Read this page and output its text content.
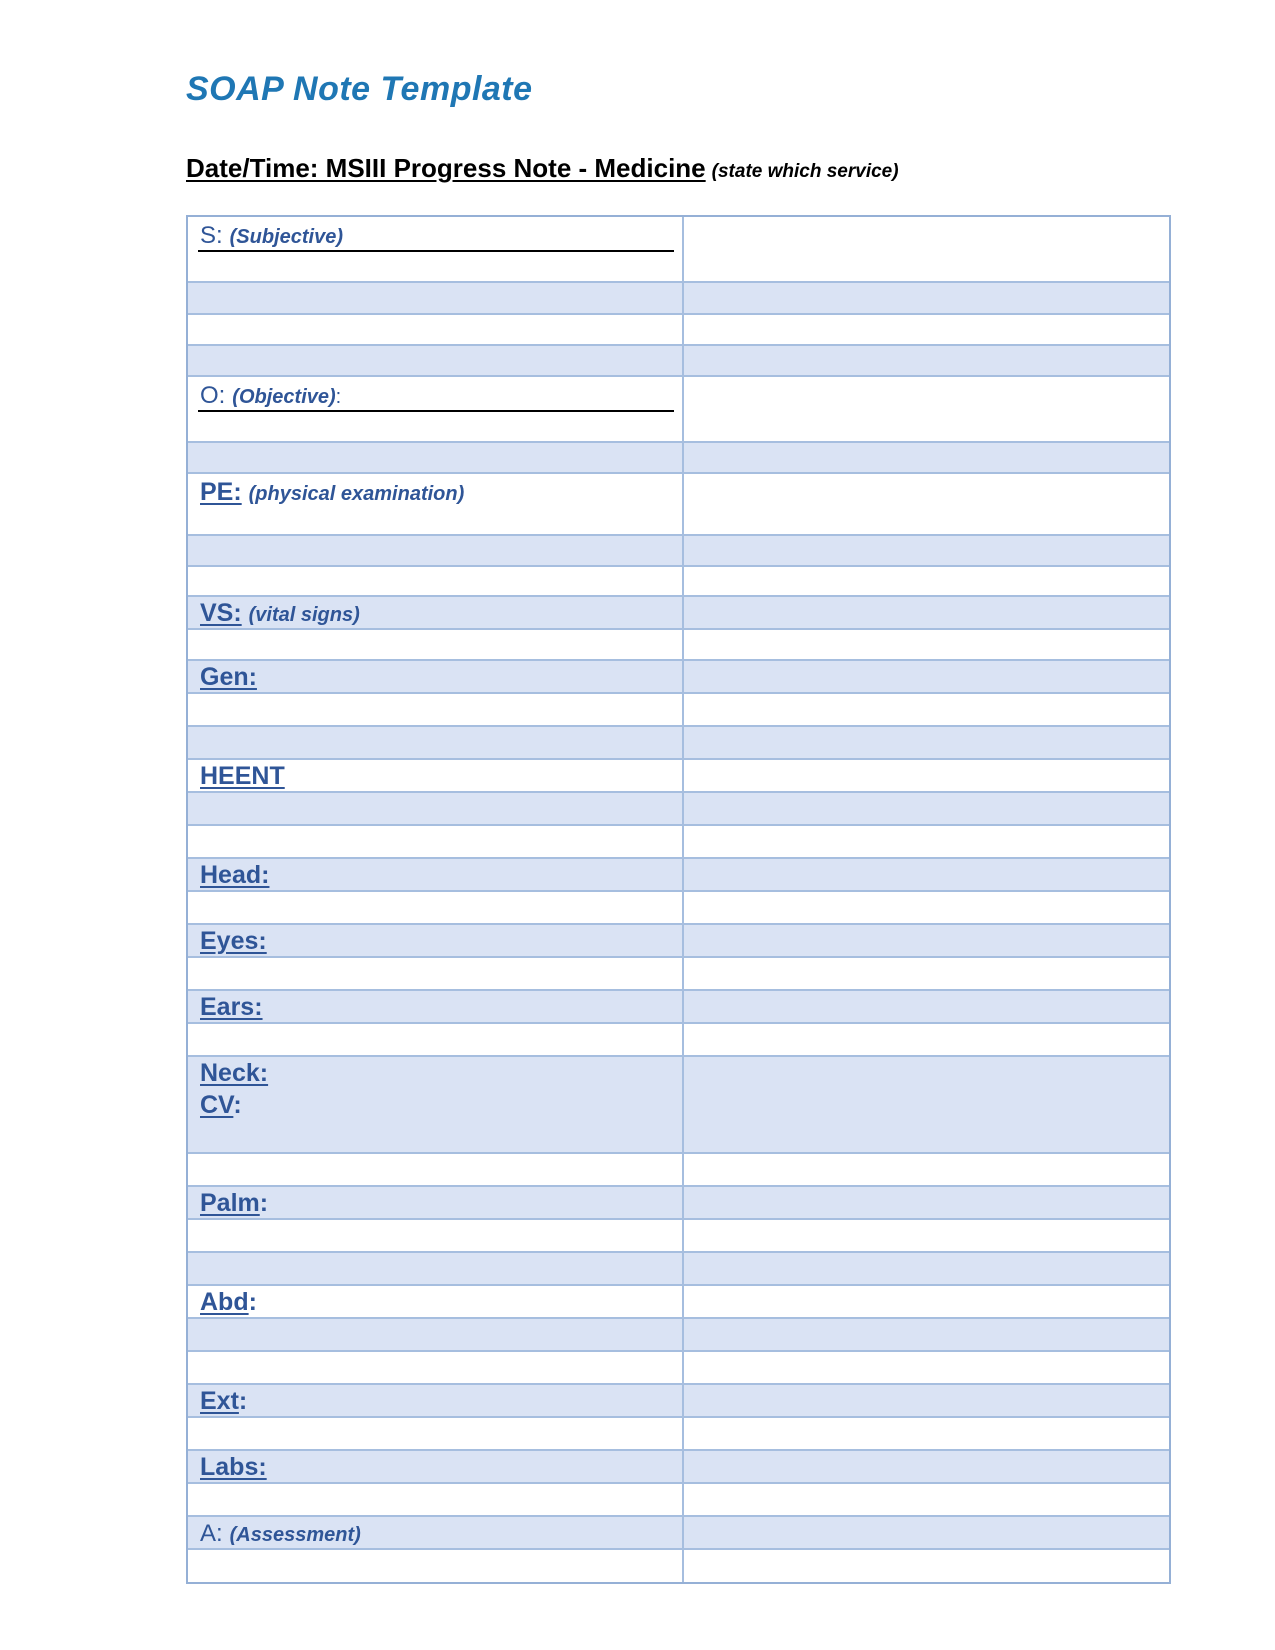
SOAP Note Template
Date/Time: MSIII Progress Note - Medicine (state which service)
S: (Subjective)
O: (Objective):
PE: (physical examination)
VS: (vital signs)
Gen:
HEENT
Head:
Eyes:
Ears:
Neck:
CV:
Palm:
Abd:
Ext:
Labs:
A: (Assessment)
